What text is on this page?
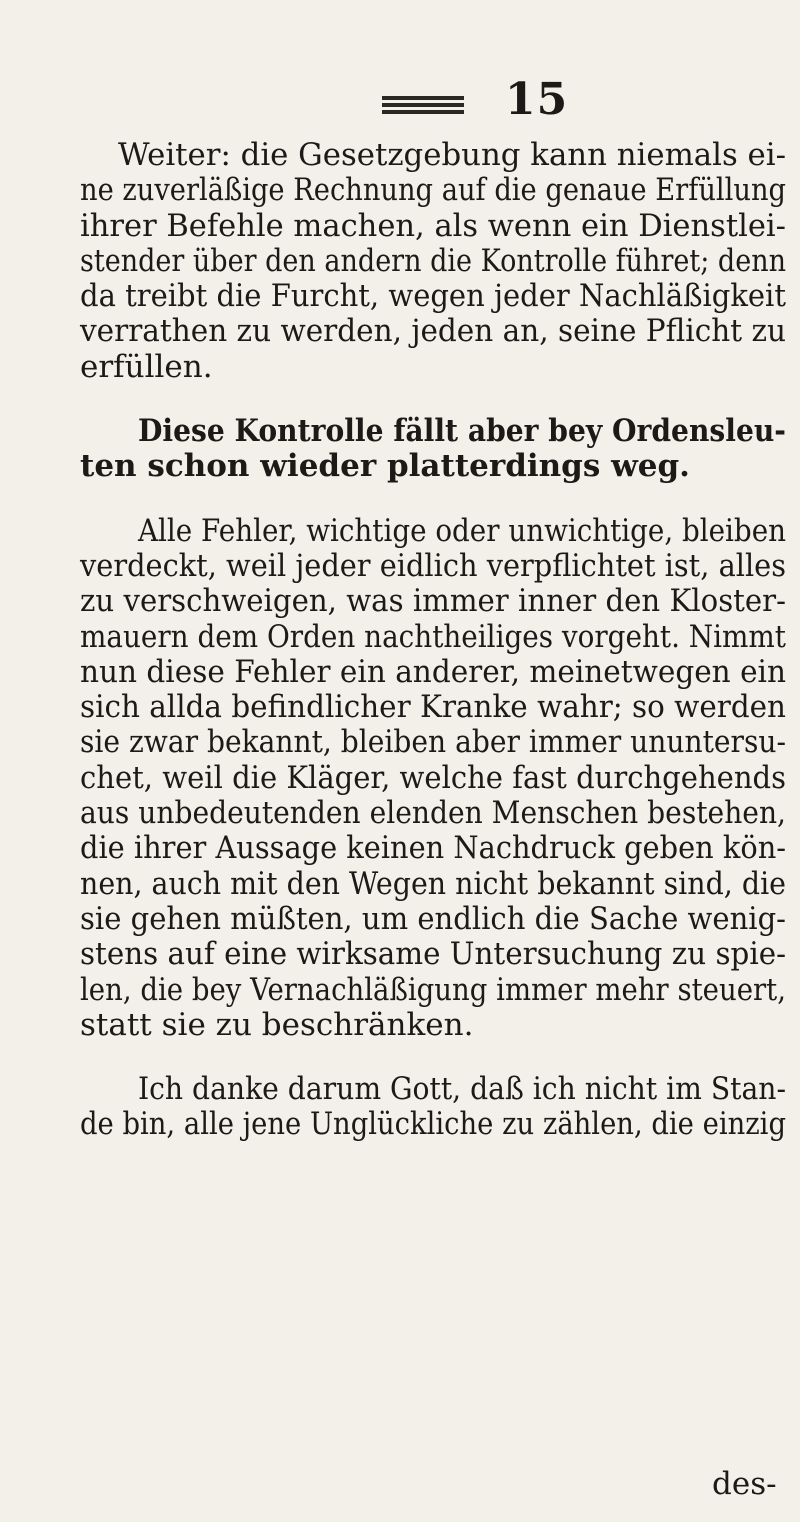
15
Weiter: die Gesetzgebung kann niemals ei-
ne zuverläßige Rechnung auf die genaue Erfüllung
ihrer Befehle machen, als wenn ein Dienstlei-
stender über den andern die Kontrolle führet; denn
da treibt die Furcht, wegen jeder Nachläßigkeit
verrathen zu werden, jeden an, seine Pflicht zu
erfüllen.
Diese Kontrolle fällt aber bey Ordensleu-
ten schon wieder platterdings weg.
Alle Fehler, wichtige oder unwichtige, bleiben
verdeckt, weil jeder eidlich verpflichtet ist, alles
zu verschweigen, was immer inner den Kloster-
mauern dem Orden nachtheiliges vorgeht. Nimmt
nun diese Fehler ein anderer, meinetwegen ein
sich allda befindlicher Kranke wahr; so werden
sie zwar bekannt, bleiben aber immer ununtersu-
chet, weil die Kläger, welche fast durchgehends
aus unbedeutenden elenden Menschen bestehen,
die ihrer Aussage keinen Nachdruck geben kön-
nen, auch mit den Wegen nicht bekannt sind, die
sie gehen müßten, um endlich die Sache wenig-
stens auf eine wirksame Untersuchung zu spie-
len, die bey Vernachläßigung immer mehr steuert,
statt sie zu beschränken.
Ich danke darum Gott, daß ich nicht im Stan-
de bin, alle jene Unglückliche zu zählen, die einzig
des-
